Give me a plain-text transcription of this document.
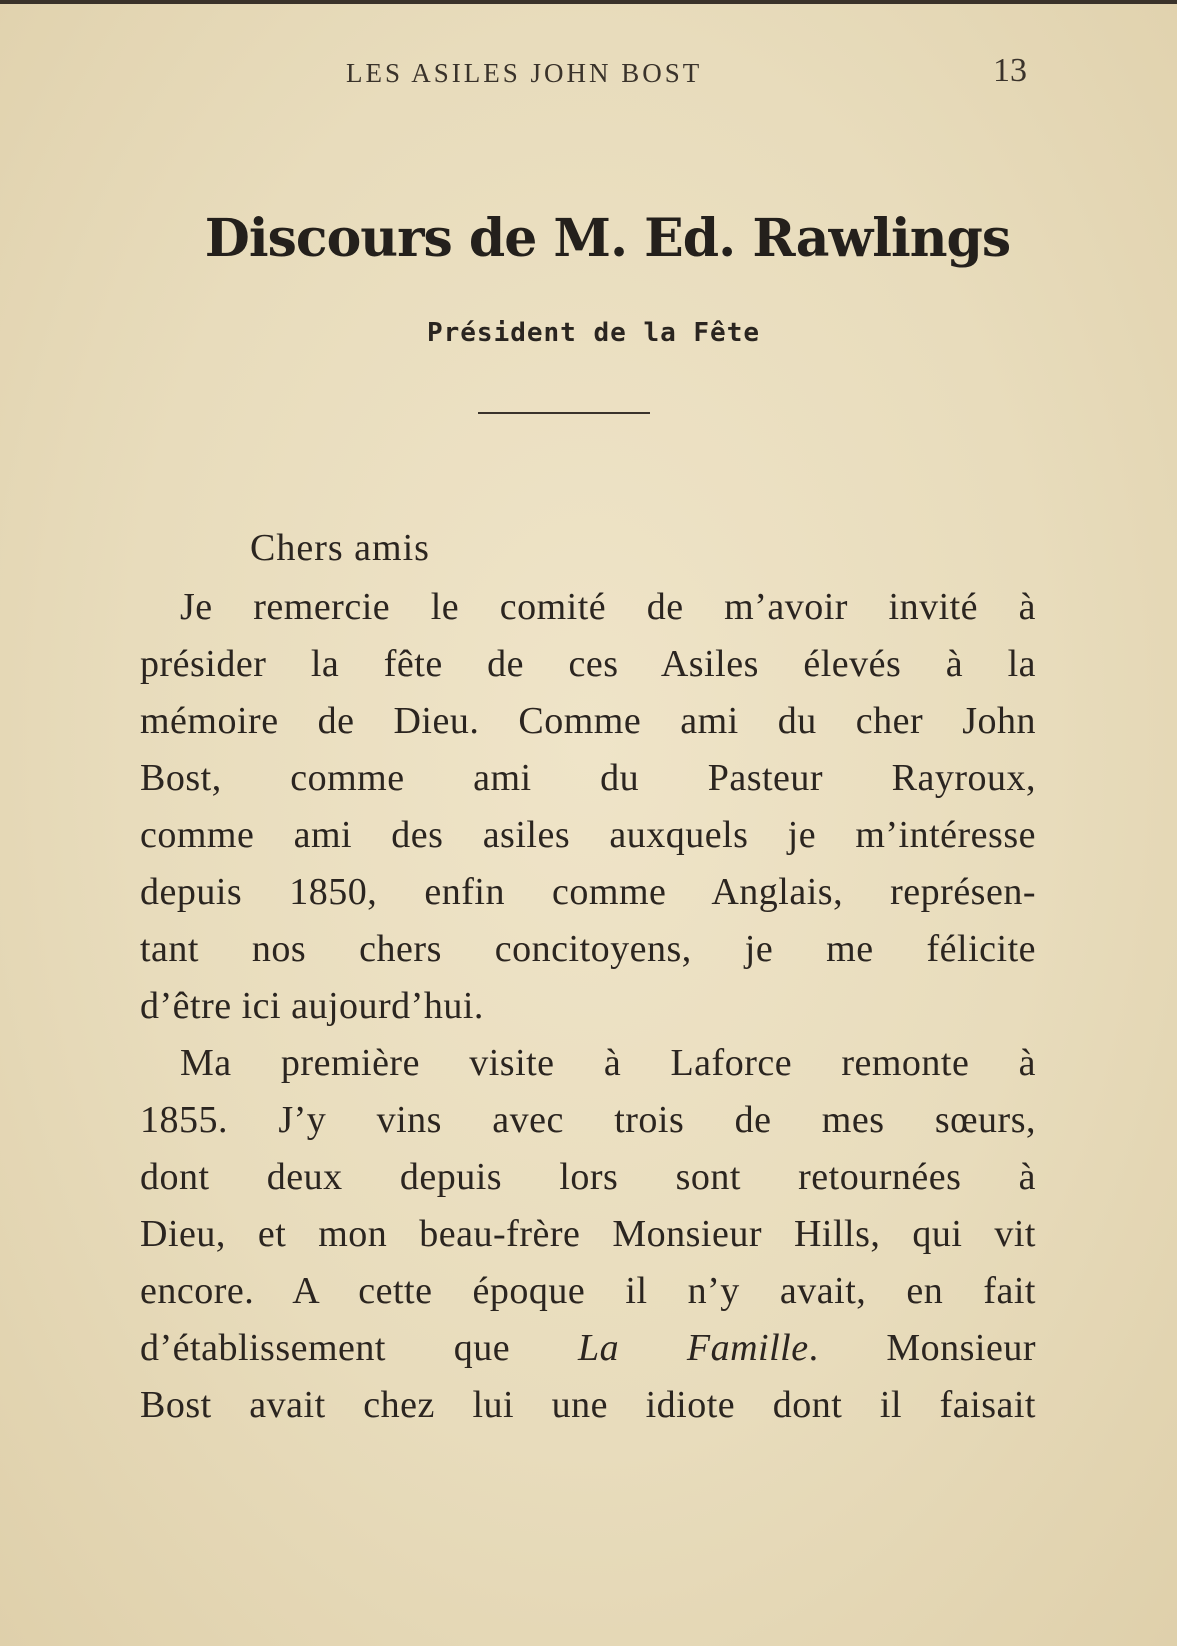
LES ASILES JOHN BOST	13
Discours de M. Ed. Rawlings
Président de la Fête
Chers amis
Je remercie le comité de m’avoir invité à
présider la fête de ces Asiles élevés à la
mémoire de Dieu. Comme ami du cher John
Bost, comme ami du Pasteur Rayroux,
comme ami des asiles auxquels je m’intéresse
depuis 1850, enfin comme Anglais, représen-
tant nos chers concitoyens, je me félicite
d’être ici aujourd’hui.
Ma première visite à Laforce remonte à
1855. J’y vins avec trois de mes sœurs,
dont deux depuis lors sont retournées à
Dieu, et mon beau-frère Monsieur Hills, qui vit
encore. A cette époque il n’y avait, en fait
d’établissement que La Famille. Monsieur
Bost avait chez lui une idiote dont il faisait
